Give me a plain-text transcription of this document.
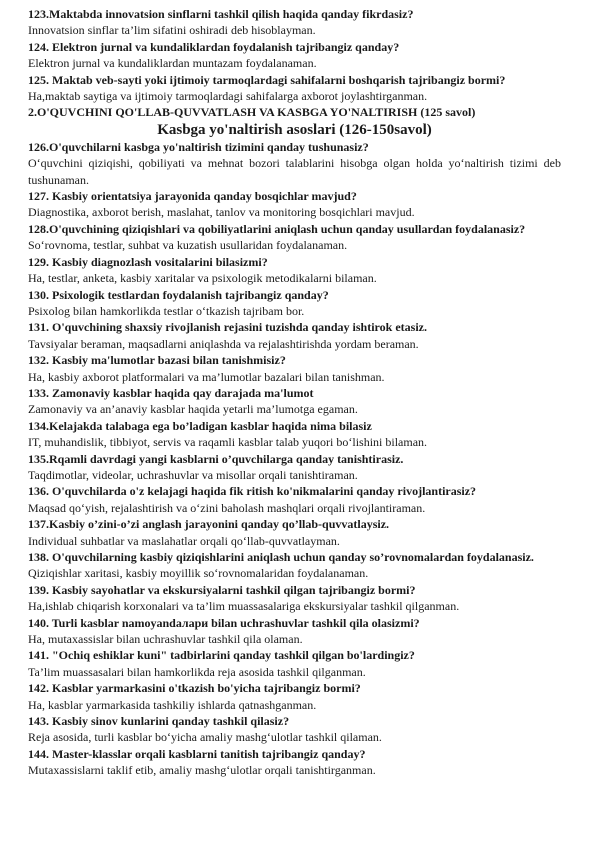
123.Maktabda innovatsion sinflarni tashkil qilish haqida qanday fikrdasiz?

Innovatsion sinflar ta’lim sifatini oshiradi deb hisoblayman.

124. Elektron jurnal va kundaliklardan foydalanish tajribangiz qanday?

Elektron jurnal va kundaliklardan muntazam foydalanaman.

125. Maktab veb-sayti yoki ijtimoiy tarmoqlardagi sahifalarni boshqarish tajribangiz bormi?

Ha,maktab saytiga va ijtimoiy tarmoqlardagi sahifalarga axborot joylashtirganman.

2.O'QUVCHINI QO'LLAB-QUVVATLASH VA KASBGA YO'NALTIRISH (125 savol)

Kasbga yo'naltirish asoslari (126-150savol)

126.O'quvchilarni kasbga yo'naltirish tizimini qanday tushunasiz?

O‘quvchini qiziqishi, qobiliyati va mehnat bozori talablarini hisobga olgan holda yo‘naltirish tizimi deb tushunaman.

127. Kasbiy orientatsiya jarayonida qanday bosqichlar mavjud?

Diagnostika, axborot berish, maslahat, tanlov va monitoring bosqichlari mavjud.

128.O'quvchining qiziqishlari va qobiliyatlarini aniqlash uchun qanday usullardan foydalanasiz?

So‘rovnoma, testlar, suhbat va kuzatish usullaridan foydalanaman.

129. Kasbiy diagnozlash vositalarini bilasizmi?

Ha, testlar, anketa, kasbiy xaritalar va psixologik metodikalarni bilaman.

130. Psixologik testlardan foydalanish tajribangiz qanday?

Psixolog bilan hamkorlikda testlar o‘tkazish tajribam bor.

131. O'quvchining shaxsiy rivojlanish rejasini tuzishda qanday ishtirok etasiz.

Tavsiyalar beraman, maqsadlarni aniqlashda va rejalashtirishda yordam beraman.

132. Kasbiy ma'lumotlar bazasi bilan tanishmisiz?

Ha, kasbiy axborot platformalari va ma’lumotlar bazalari bilan tanishman.

133. Zamonaviy kasblar haqida qay darajada ma'lumot

Zamonaviy va an’anaviy kasblar haqida yetarli ma’lumotga egaman.

134.Kelajakda talabaga ega bo’ladigan kasblar haqida nima bilasiz

IT, muhandislik, tibbiyot, servis va raqamli kasblar talab yuqori bo‘lishini bilaman.

135.Rqamli davrdagi yangi kasblarni o’quvchilarga qanday tanishtirasiz.

Taqdimotlar, videolar, uchrashuvlar va misollar orqali tanishtiraman.

136. O'quvchilarda o'z kelajagi haqida fik ritish ko'nikmalarini qanday rivojlantirasiz?

Maqsad qo‘yish, rejalashtirish va o‘zini baholash mashqlari orqali rivojlantiraman.

137.Kasbiy o’zini-o’zi anglash jarayonini qanday qo’llab-quvvatlaysiz.

Individual suhbatlar va maslahatlar orqali qo‘llab-quvvatlayman.

138. O'quvchilarning kasbiy qiziqishlarini aniqlash uchun qanday so’rovnomalardan foydalanasiz.

Qiziqishlar xaritasi, kasbiy moyillik so‘rovnomalaridan foydalanaman.

139. Kasbiy sayohatlar va ekskursiyalarni tashkil qilgan tajribangiz bormi?

Ha,ishlab chiqarish korxonalari va ta’lim muassasalariga ekskursiyalar tashkil qilganman.

140. Turli kasblar namoyandaлари bilan uchrashuvlar tashkil qila olasizmi?

Ha, mutaxassislar bilan uchrashuvlar tashkil qila olaman.

141. "Ochiq eshiklar kuni" tadbirlarini qanday tashkil qilgan bo'lardingiz?

Ta’lim muassasalari bilan hamkorlikda reja asosida tashkil qilganman.

142. Kasblar yarmarkasini o'tkazish bo'yicha tajribangiz bormi?

Ha, kasblar yarmarkasida tashkiliy ishlarda qatnashganman.

143. Kasbiy sinov kunlarini qanday tashkil qilasiz?

Reja asosida, turli kasblar bo‘yicha amaliy mashg‘ulotlar tashkil qilaman.

144. Master-klasslar orqali kasblarni tanitish tajribangiz qanday?

Mutaxassislarni taklif etib, amaliy mashg‘ulotlar orqali tanishtirganman.
